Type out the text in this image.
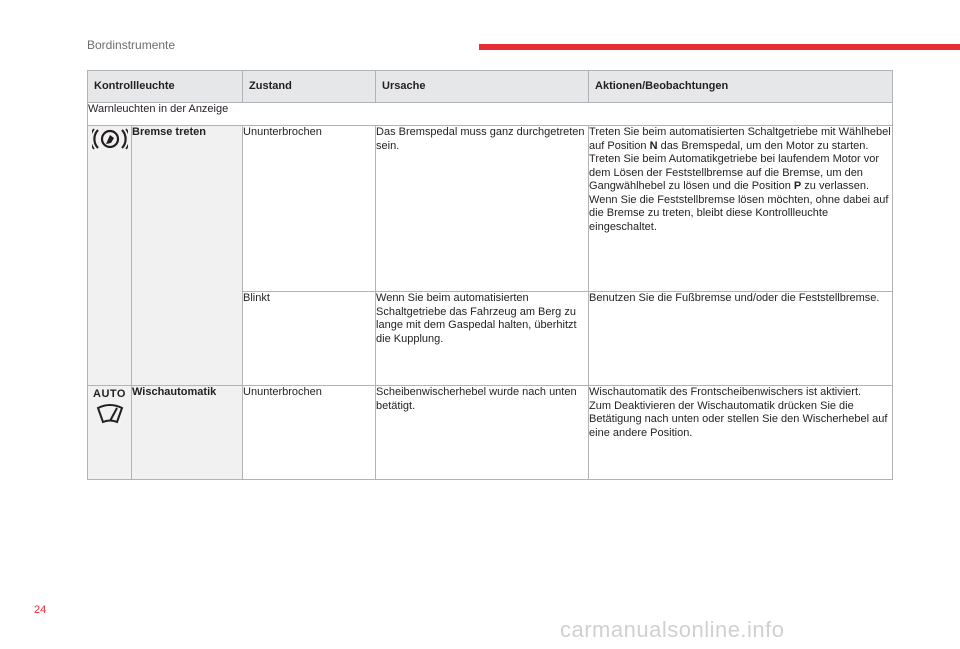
Bordinstrumente
Kontrollleuchte		Zustand	Ursache	Aktionen/Beobachtungen
Warnleuchten in der Anzeige				

	Bremse treten	Ununterbrochen	Das Bremspedal muss ganz durchgetreten sein.	Treten Sie beim automatisierten Schaltgetriebe mit Wählhebel auf Position N das Bremspedal, um den Motor zu starten.
Treten Sie beim Automatikgetriebe bei laufendem Motor vor dem Lösen der Feststellbremse auf die Bremse, um den Gangwählhebel zu lösen und die Position P zu verlassen.
Wenn Sie die Feststellbremse lösen möchten, ohne dabei auf die Bremse zu treten, bleibt diese Kontrollleuchte eingeschaltet.

		Blinkt	Wenn Sie beim automatisierten Schaltgetriebe das Fahrzeug am Berg zu lange mit dem Gaspedal halten, überhitzt die Kupplung.	Benutzen Sie die Fußbremse und/oder die Feststellbremse.

AUTO	Wischautomatik	Ununterbrochen	Scheibenwischerhebel wurde nach unten betätigt.	Wischautomatik des Frontscheibenwischers ist aktiviert.
Zum Deaktivieren der Wischautomatik drücken Sie die Betätigung nach unten oder stellen Sie den Wischerhebel auf eine andere Position.
24
carmanualsonline.info
